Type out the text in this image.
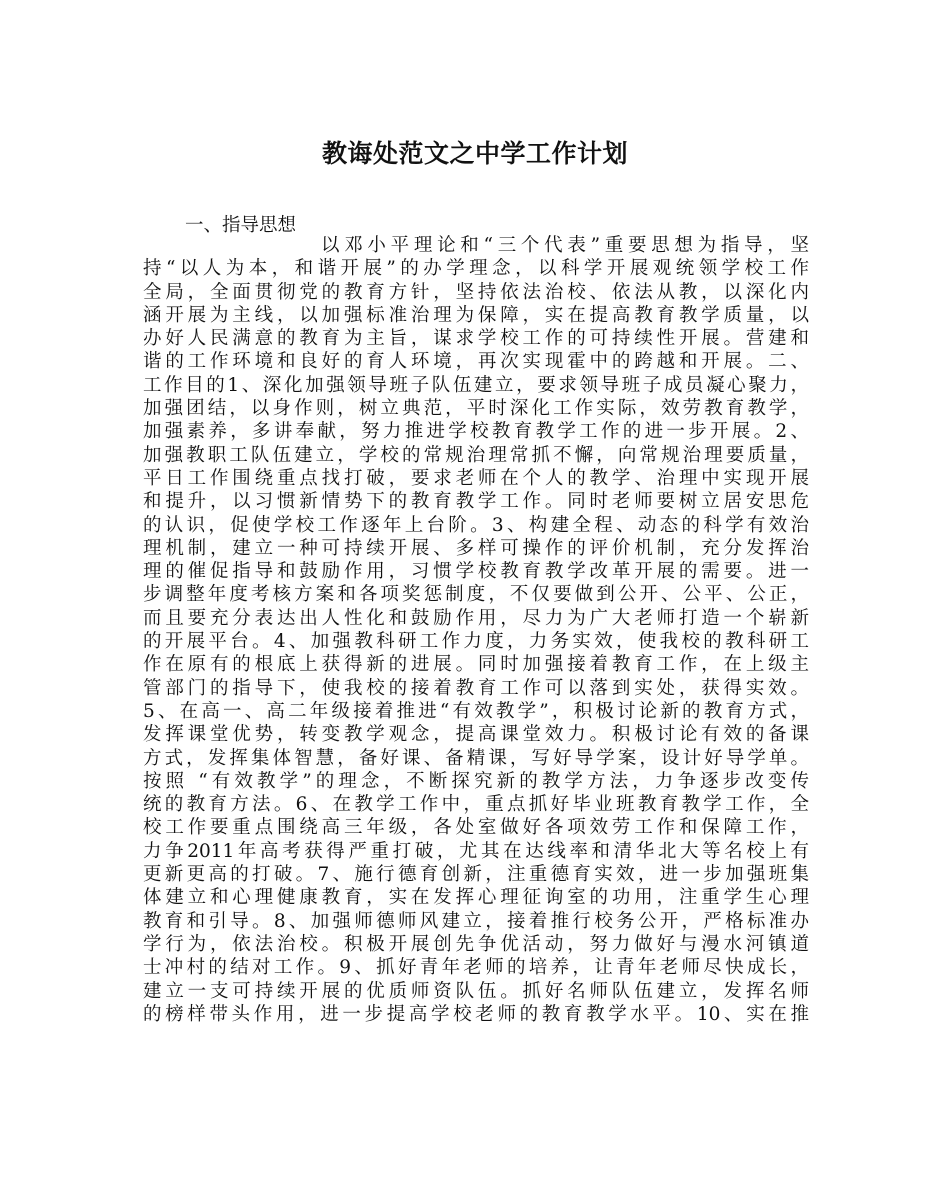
教诲处范文之中学工作计划

一、指导思想

以邓小平理论和“三个代表”重要思想为指导，坚
持“以人为本，和谐开展”的办学理念，以科学开展观统领学校工作
全局，全面贯彻党的教育方针，坚持依法治校、依法从教，以深化内
涵开展为主线，以加强标准治理为保障，实在提高教育教学质量，以
办好人民满意的教育为主旨，谋求学校工作的可持续性开展。营建和
谐的工作环境和良好的育人环境，再次实现霍中的跨越和开展。二、
工作目的1、深化加强领导班子队伍建立，要求领导班子成员凝心聚力，
加强团结，以身作则，树立典范，平时深化工作实际，效劳教育教学，
加强素养，多讲奉献，努力推进学校教育教学工作的进一步开展。2、
加强教职工队伍建立，学校的常规治理常抓不懈，向常规治理要质量，
平日工作围绕重点找打破，要求老师在个人的教学、治理中实现开展
和提升，以习惯新情势下的教育教学工作。同时老师要树立居安思危
的认识，促使学校工作逐年上台阶。3、构建全程、动态的科学有效治
理机制，建立一种可持续开展、多样可操作的评价机制，充分发挥治
理的催促指导和鼓励作用，习惯学校教育教学改革开展的需要。进一
步调整年度考核方案和各项奖惩制度，不仅要做到公开、公平、公正，
而且要充分表达出人性化和鼓励作用，尽力为广大老师打造一个崭新
的开展平台。4、加强教科研工作力度，力务实效，使我校的教科研工
作在原有的根底上获得新的进展。同时加强接着教育工作，在上级主
管部门的指导下，使我校的接着教育工作可以落到实处，获得实效。
5、在高一、高二年级接着推进“有效教学”，积极讨论新的教育方式，
发挥课堂优势，转变教学观念，提高课堂效力。积极讨论有效的备课
方式，发挥集体智慧，备好课、备精课，写好导学案，设计好导学单。
按照 “有效教学”的理念，不断探究新的教学方法，力争逐步改变传
统的教育方法。6、在教学工作中，重点抓好毕业班教育教学工作，全
校工作要重点围绕高三年级，各处室做好各项效劳工作和保障工作，
力争2011年高考获得严重打破，尤其在达线率和清华北大等名校上有
更新更高的打破。7、施行德育创新，注重德育实效，进一步加强班集
体建立和心理健康教育，实在发挥心理征询室的功用，注重学生心理
教育和引导。8、加强师德师风建立，接着推行校务公开，严格标准办
学行为，依法治校。积极开展创先争优活动，努力做好与漫水河镇道
士冲村的结对工作。9、抓好青年老师的培养，让青年老师尽快成长，
建立一支可持续开展的优质师资队伍。抓好名师队伍建立，发挥名师
的榜样带头作用，进一步提高学校老师的教育教学水平。10、实在推
